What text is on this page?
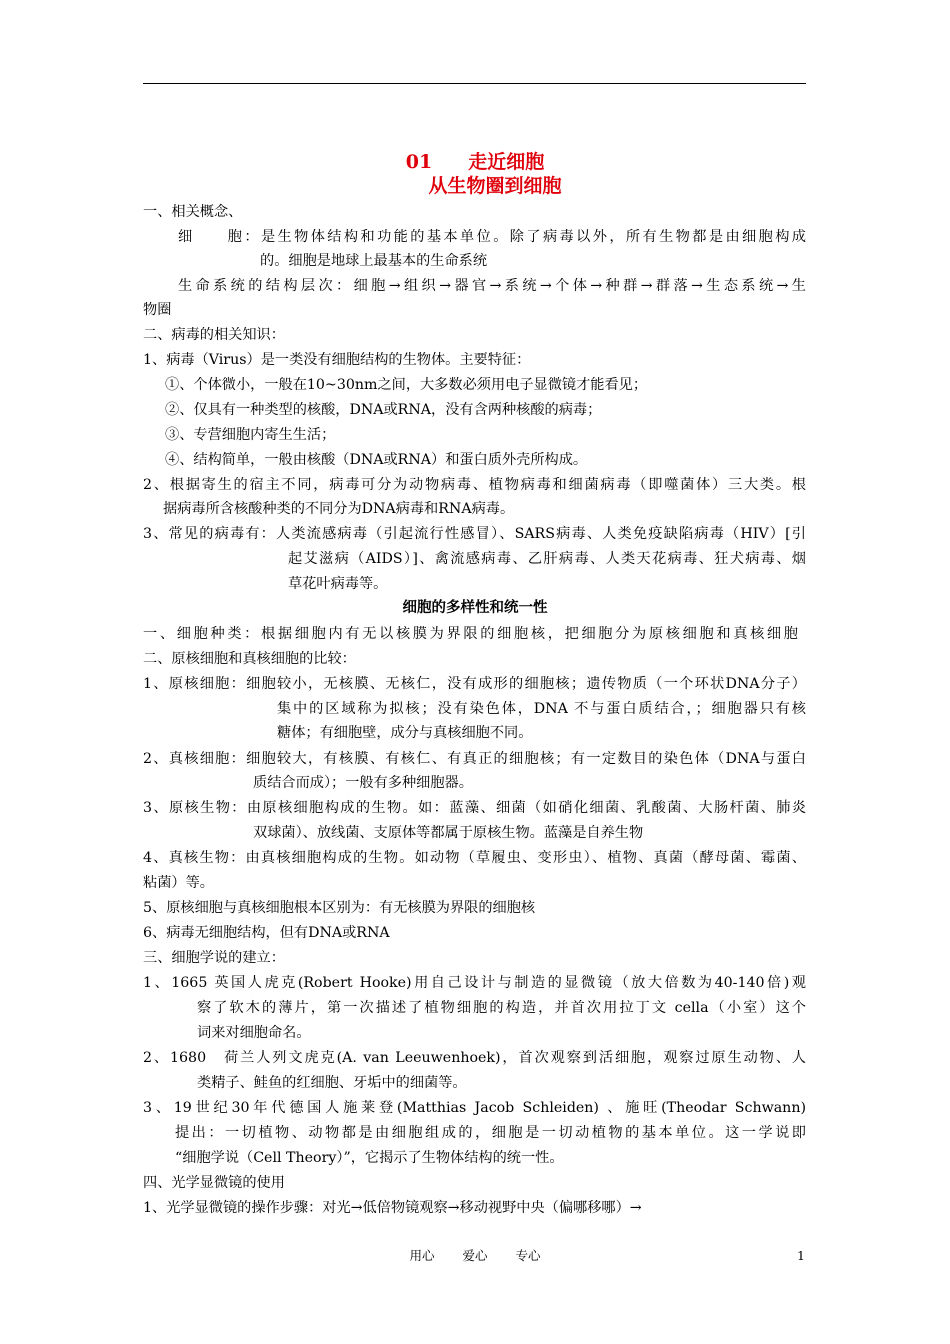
01 走近细胞
从生物圈到细胞
一、相关概念、
细　　胞：是生物体结构和功能的基本单位。除了病毒以外，所有生物都是由细胞构成
的。细胞是地球上最基本的生命系统
生命系统的结构层次：细胞→组织→器官→系统→个体→种群→群落→生态系统→生
物圈
二、病毒的相关知识：
1、病毒（Virus）是一类没有细胞结构的生物体。主要特征：
①、个体微小，一般在10~30nm之间，大多数必须用电子显微镜才能看见；
②、仅具有一种类型的核酸，DNA或RNA，没有含两种核酸的病毒；
③、专营细胞内寄生生活；
④、结构简单，一般由核酸（DNA或RNA）和蛋白质外壳所构成。
2、根据寄生的宿主不同，病毒可分为动物病毒、植物病毒和细菌病毒（即噬菌体）三大类。根
据病毒所含核酸种类的不同分为DNA病毒和RNA病毒。
3、常见的病毒有：人类流感病毒（引起流行性感冒）、SARS病毒、人类免疫缺陷病毒（HIV）[引
起艾滋病（AIDS）]、禽流感病毒、乙肝病毒、人类天花病毒、狂犬病毒、烟
草花叶病毒等。
细胞的多样性和统一性
一、细胞种类：根据细胞内有无以核膜为界限的细胞核，把细胞分为原核细胞和真核细胞
二、原核细胞和真核细胞的比较：
1、原核细胞：细胞较小，无核膜、无核仁，没有成形的细胞核；遗传物质（一个环状DNA分子）
集中的区域称为拟核；没有染色体，DNA 不与蛋白质结合，；细胞器只有核
糖体；有细胞壁，成分与真核细胞不同。
2、真核细胞：细胞较大，有核膜、有核仁、有真正的细胞核；有一定数目的染色体（DNA与蛋白
质结合而成）；一般有多种细胞器。
3、原核生物：由原核细胞构成的生物。如：蓝藻、细菌（如硝化细菌、乳酸菌、大肠杆菌、肺炎
双球菌）、放线菌、支原体等都属于原核生物。蓝藻是自养生物
4、真核生物：由真核细胞构成的生物。如动物（草履虫、变形虫）、植物、真菌（酵母菌、霉菌、
粘菌）等。
5、原核细胞与真核细胞根本区别为：有无核膜为界限的细胞核
6、病毒无细胞结构，但有DNA或RNA
三、细胞学说的建立：
1、1665 英国人虎克(Robert Hooke)用自己设计与制造的显微镜（放大倍数为40-140倍)观
察了软木的薄片，第一次描述了植物细胞的构造，并首次用拉丁文 cella（小室）这个
词来对细胞命名。
2、1680　荷兰人列文虎克(A. van Leeuwenhoek)，首次观察到活细胞，观察过原生动物、人
类精子、鲑鱼的红细胞、牙垢中的细菌等。
3、19世纪30年代德国人施莱登(Matthias Jacob Schleiden) 、施旺(Theodar Schwann)
提出：一切植物、动物都是由细胞组成的，细胞是一切动植物的基本单位。这一学说即
“细胞学说（Cell Theory）”，它揭示了生物体结构的统一性。
四、光学显微镜的使用
1、光学显微镜的操作步骤：对光→低倍物镜观察→移动视野中央（偏哪移哪）→
用心 爱心 专心	1
